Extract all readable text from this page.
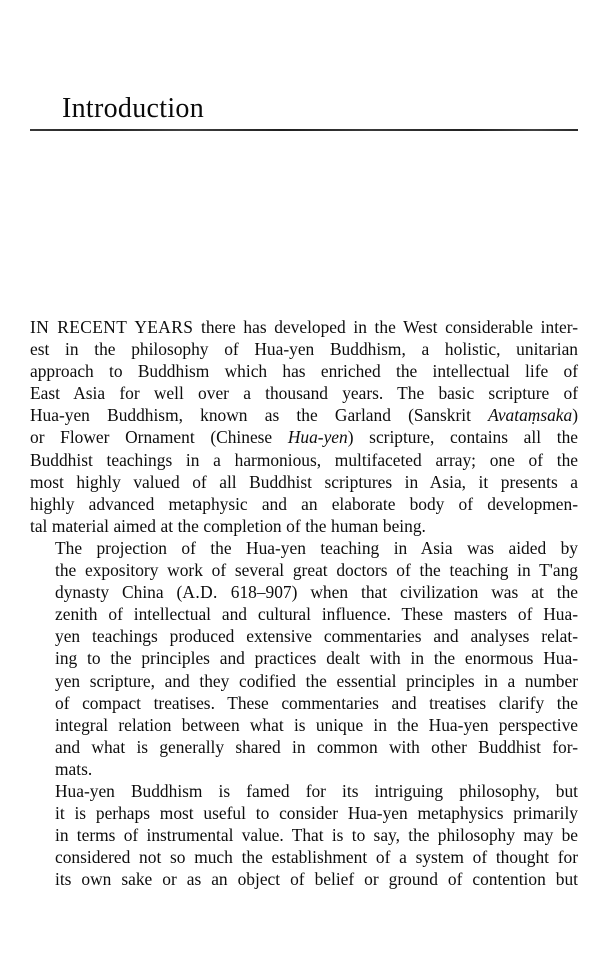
Introduction

IN RECENT YEARS there has developed in the West considerable inter-
est in the philosophy of Hua-yen Buddhism, a holistic, unitarian
approach to Buddhism which has enriched the intellectual life of
East Asia for well over a thousand years. The basic scripture of
Hua-yen Buddhism, known as the Garland (Sanskrit Avataṃsaka)
or Flower Ornament (Chinese Hua-yen) scripture, contains all the
Buddhist teachings in a harmonious, multifaceted array; one of the
most highly valued of all Buddhist scriptures in Asia, it presents a
highly advanced metaphysic and an elaborate body of developmen-
tal material aimed at the completion of the human being.

The projection of the Hua-yen teaching in Asia was aided by
the expository work of several great doctors of the teaching in T'ang
dynasty China (A.D. 618–907) when that civilization was at the
zenith of intellectual and cultural influence. These masters of Hua-
yen teachings produced extensive commentaries and analyses relat-
ing to the principles and practices dealt with in the enormous Hua-
yen scripture, and they codified the essential principles in a number
of compact treatises. These commentaries and treatises clarify the
integral relation between what is unique in the Hua-yen perspective
and what is generally shared in common with other Buddhist for-
mats.

Hua-yen Buddhism is famed for its intriguing philosophy, but
it is perhaps most useful to consider Hua-yen metaphysics primarily
in terms of instrumental value. That is to say, the philosophy may be
considered not so much the establishment of a system of thought for
its own sake or as an object of belief or ground of contention but
